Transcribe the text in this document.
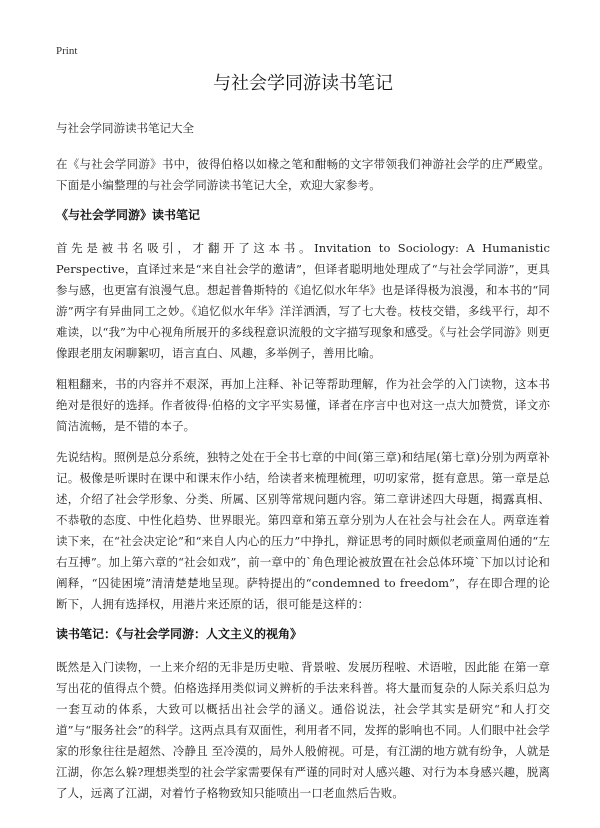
Print
与社会学同游读书笔记
与社会学同游读书笔记大全

在《与社会学同游》书中，彼得伯格以如椽之笔和酣畅的文字带领我们神游社会学的庄严殿堂。下面是小编整理的与社会学同游读书笔记大全，欢迎大家参考。

《与社会学同游》读书笔记

首先是被书名吸引，才翻开了这本书。Invitation to Sociology: A Humanistic Perspective，直译过来是“来自社会学的邀请”，但译者聪明地处理成了“与社会学同游”，更具参与感，也更富有浪漫气息。想起普鲁斯特的《追忆似水年华》也是译得极为浪漫，和本书的“同游”两字有异曲同工之妙。《追忆似水年华》洋洋洒洒，写了七大卷。枝枝交错，多线平行，却不难读，以“我”为中心视角所展开的多线程意识流般的文字描写现象和感受。《与社会学同游》则更像跟老朋友闲聊絮叨，语言直白、风趣，多举例子，善用比喻。

粗粗翻来，书的内容并不艰深，再加上注释、补记等帮助理解，作为社会学的入门读物，这本书绝对是很好的选择。作者彼得·伯格的文字平实易懂，译者在序言中也对这一点大加赞赏，译文亦简洁流畅，是不错的本子。

先说结构。照例是总分系统，独特之处在于全书七章的中间(第三章)和结尾(第七章)分别为两章补记。极像是听课时在课中和课末作小结，给读者来梳理梳理，叨叨家常，挺有意思。第一章是总述，介绍了社会学形象、分类、所属、区别等常规问题内容。第二章讲述四大母题，揭露真相、不恭敬的态度、中性化趋势、世界眼光。第四章和第五章分别为人在社会与社会在人。两章连着读下来，在“社会决定论”和“来自人内心的压力”中挣扎，辩证思考的同时颇似老顽童周伯通的“左右互搏”。加上第六章的“社会如戏”，前一章中的`角色理论被放置在社会总体环境`下加以讨论和阐释，“囚徒困境”清清楚楚地呈现。萨特提出的“condemned to freedom”，存在即合理的论断下，人拥有选择权，用港片来还原的话，很可能是这样的：

读书笔记：《与社会学同游：人文主义的视角》

既然是入门读物，一上来介绍的无非是历史啦、背景啦、发展历程啦、术语啦，因此能 在第一章写出花的值得点个赞。伯格选择用类似词义辨析的手法来科普。将大量而复杂的人际关系归总为一套互动的体系，大致可以概括出社会学的涵义。通俗说法，社会学其实是研究“和人打交道”与“服务社会”的科学。这两点具有双面性，利用者不同，发挥的影响也不同。人们眼中社会学家的形象往往是超然、冷静且 至冷漠的，局外人般俯视。可是，有江湖的地方就有纷争，人就是江湖，你怎么躲?理想类型的社会学家需要保有严谨的同时对人感兴趣、对行为本身感兴趣，脱离了人，远离了江湖，对着竹子格物致知只能喷出一口老血然后告败。
